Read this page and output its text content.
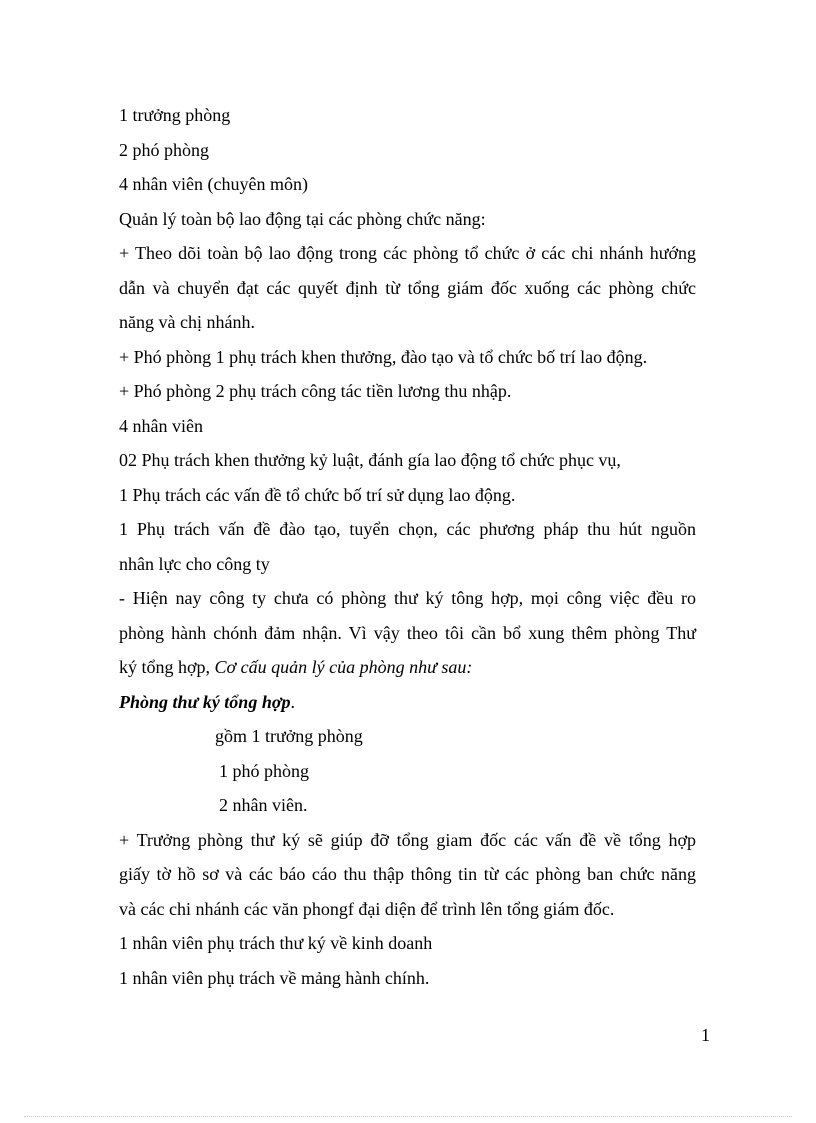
1 trưởng phòng
2 phó phòng
4 nhân viên (chuyên môn)
Quản lý toàn bộ lao động tại các phòng chức năng:
+ Theo dõi toàn bộ lao động trong các phòng tổ chức ở các chi nhánh hướng
dẫn và chuyển đạt các quyết định từ tổng giám đốc xuống các phòng chức
năng và chị nhánh.
+ Phó phòng 1 phụ trách khen thưởng, đào tạo và tổ chức bố trí lao động.
+ Phó phòng 2 phụ trách công tác tiền lương thu nhập.
4 nhân viên
02 Phụ trách khen thưởng kỷ luật, đánh gía lao động tổ chức phục vụ,
1 Phụ trách các vấn đề tổ chức bố trí sử dụng lao động.
1 Phụ trách vấn đề đào tạo, tuyển chọn, các phương pháp thu hút nguồn
nhân lực cho công ty
- Hiện nay công ty chưa có phòng thư ký tông hợp, mọi công việc đều ro
phòng hành chónh đảm nhận. Vì vậy theo tôi cần bổ xung thêm phòng Thư
ký tổng hợp, Cơ cấu quản lý của phòng như sau:
Phòng thư ký tổng hợp.
gồm 1 trưởng phòng
1 phó phòng
2 nhân viên.
+ Trưởng phòng thư ký sẽ giúp đỡ tổng giam đốc các vấn đề về tổng hợp
giấy tờ hồ sơ và các báo cáo thu thập thông tin từ các phòng ban chức năng
và các chi nhánh các văn phongf đại diện để trình lên tổng giám đốc.
1 nhân viên phụ trách thư ký về kinh doanh
1 nhân viên phụ trách về mảng hành chính.
1
